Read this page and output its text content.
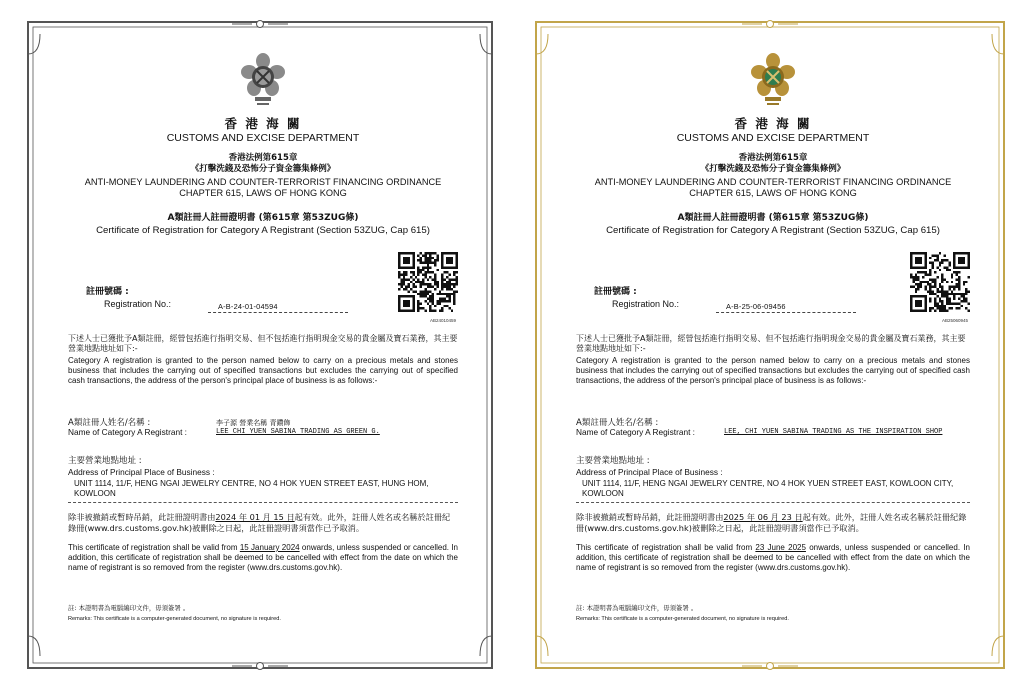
香 港 海 關
CUSTOMS AND EXCISE DEPARTMENT
香港法例第615章
《打擊洗錢及恐怖分子資金籌集條例》
ANTI-MONEY LAUNDERING AND COUNTER-TERRORIST FINANCING ORDINANCE
CHAPTER 615, LAWS OF HONG KONG
A類註冊人註冊證明書 (第615章 第53ZUG條)
Certificate of Registration for Category A Registrant (Section 53ZUG, Cap 615)
AB24010459
註冊號碼 :
Registration No.:	A-B-24-01-04594
下述人士已獲批予A類註冊，經營包括進行指明交易、但不包括進行指明現金交易的貴金屬及寶石業務，其主要營業地點地址如下:-
Category A registration is granted to the person named below to carry on a precious metals and stones business that includes the carrying out of specified transactions but excludes the carrying out of specified cash transactions, the address of the person's principal place of business is as follows:-
A類註冊人姓名/名稱 :
Name of Category A Registrant :
李子源 營業名稱 青鑽飾
LEE CHI YUEN SABINA TRADING AS GREEN G.
主要營業地點地址 :
Address of Principal Place of Business :
UNIT 1114, 11/F, HENG NGAI JEWELRY CENTRE, NO 4 HOK YUEN STREET EAST, HUNG HOM, KOWLOON
除非被撤銷或暫時吊銷，此註冊證明書由2024 年 01 月 15 日起有效。此外，註冊人姓名或名稱於註冊紀錄冊(www.drs.customs.gov.hk)被刪除之日起，此註冊證明書須當作已予取消。
This certificate of registration shall be valid from 15 January 2024 onwards, unless suspended or cancelled. In addition, this certificate of registration shall be deemed to be cancelled with effect from the date on which the name of registrant is so removed from the register (www.drs.customs.gov.hk).
註: 本證明書為電腦編印文件，毋須簽署 。
Remarks: This certificate is a computer-generated document, no signature is required.
香 港 海 關
CUSTOMS AND EXCISE DEPARTMENT
香港法例第615章
《打擊洗錢及恐怖分子資金籌集條例》
ANTI-MONEY LAUNDERING AND COUNTER-TERRORIST FINANCING ORDINANCE
CHAPTER 615, LAWS OF HONG KONG
A類註冊人註冊證明書 (第615章 第53ZUG條)
Certificate of Registration for Category A Registrant (Section 53ZUG, Cap 615)
AB25060945
註冊號碼 :
Registration No.:	A-B-25-06-09456
下述人士已獲批予A類註冊，經營包括進行指明交易、但不包括進行指明現金交易的貴金屬及寶石業務，其主要營業地點地址如下:-
Category A registration is granted to the person named below to carry on a precious metals and stones business that includes the carrying out of specified transactions but excludes the carrying out of specified cash transactions, the address of the person's principal place of business is as follows:-
A類註冊人姓名/名稱 :
Name of Category A Registrant :	LEE, CHI YUEN SABINA TRADING AS THE INSPIRATION SHOP
主要營業地點地址 :
Address of Principal Place of Business :
UNIT 1114, 11/F, HENG NGAI JEWELRY CENTRE, NO 4 HOK YUEN STREET EAST, KOWLOON CITY, KOWLOON
除非被撤銷或暫時吊銷，此註冊證明書由2025 年 06 月 23 日起有效。此外，註冊人姓名或名稱於註冊紀錄冊(www.drs.customs.gov.hk)被刪除之日起，此註冊證明書須當作已予取消。
This certificate of registration shall be valid from 23 June 2025 onwards, unless suspended or cancelled. In addition, this certificate of registration shall be deemed to be cancelled with effect from the date on which the name of registrant is so removed from the register (www.drs.customs.gov.hk).
註: 本證明書為電腦編印文件，毋須簽署 。
Remarks: This certificate is a computer-generated document, no signature is required.
